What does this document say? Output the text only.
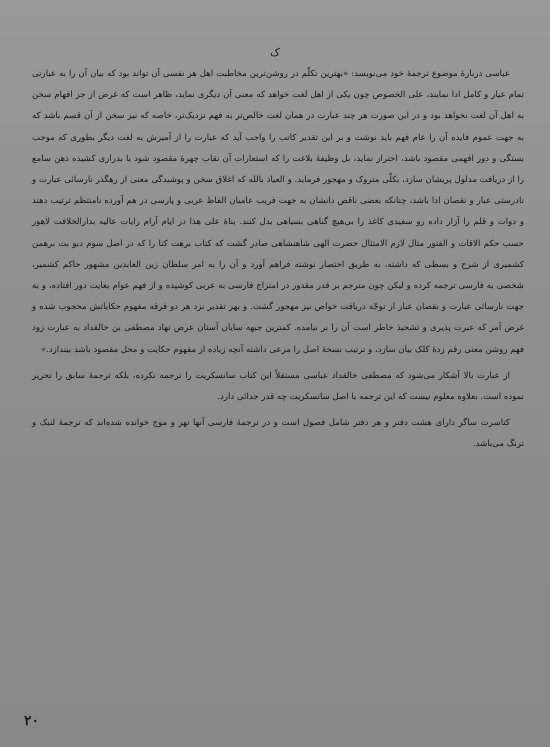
ک

عباسی دربارهٔ موضوع ترجمهٔ خود می‌نویسد: «بهترین تکلّم در روشن‌ترین مخاطبت اهل هر نفسی آن تواند بود که بیان آن را به عبارتی تمام عیار و کامل ادا نمایند، علی الخصوص چون یکی از اهل لغت خواهد که معنی آن دیگری نماید، ظاهر است که غرض از جز افهام سخن به اهل آن لغت نخواهد بود و در این صورت هر چند عبارت در همان لغت خالص‌تر به فهم نزدیک‌تر، خاصه که نیز سخن از آن قسم باشد که به جهت عموم فایده آن را عام فهم باید نوشت و بر این تقدیر کاتب را واجب آید که عبارت را از آمیزش به لغت دیگر بطوری که موجب بستگی و دور افهمی مقصود باشد، احتراز نماید، بل وظیفهٔ بلاغت را که استعارات آن نقاب چهرهٔ مقصود شود یا بدرازی کشیده ذهن سامع را از دریافت مدلول پریشان سازد، بکلّی متروک و مهجور فرماید. و العیاذ بالله که اغلاق سخن و پوشیدگی معنی از رهگذر نارسائی عبارت و نادرستی عبار و نقصان ادا باشد، چنانکه بعضی ناقص دانشان به جهت فریب عامیان الفاظ عربی و پارسی در هم آورده نامنتظم ترتیب دهند و دوات و قلم را آزار داده رو سفیدی کاغذ را بی‌هیچ گناهی بسیاهی بدل کنند. بناهٔ علی هذا در ایام آرام رایات عالیه بدارالخلافت لاهور حسب حکم الاقات و الفتور مثال لازم الامتثال حضرت الهی شاهنشاهی صادر گشت که کتاب برهت کتا را که در اصل سوم دیو بت برهمن کشمیری از شرح و بسطی که داشته، به طریق اختصار نوشته فراهم آورد و آن را به امر سلطان زین العابدین مشهور حاکم کشمیر، شخصی به فارسی ترجمه کرده و لیکن چون مترجم بر قدر مقدور در امتزاج فارسی به عربی کوشیده و از فهم عوام بغایت دور افتاده، و به جهت نارسائی عبارت و نقصان عبار از توجّه دریافت خواص نیز مهجور گشت. و بهر تقدیر نزد هر دو فرقه مفهوم حکایاتش محجوب شده و غرض آمر که عبرت پذیری و تشحیذ خاطر است آن را بر نیامده. کمترین جبهه سایان آستان عرض نهاد مصطفی بن خالقداد به عبارت زود فهم روشن معنی رقم زدهٔ کلک بیان سازد، و ترتیب نسخهٔ اصل را مرعی داشته آنچه زیاده از مفهوم حکایت و محل مقصود باشد بیندازد.»

از عبارت بالا آشکار می‌شود که مصطفی خالقداد عباسی مستقلاً این کتاب سانسکریت را ترجمه نکرده، بلکه ترجمهٔ سابق را تحریر نموده است. بعلاوه معلوم نیست که این ترجمه با اصل سانسکریت چه قدر جدائی دارد.

کتاسرت ساگر دارای هشت دفتر و هر دفتر شامل فصول است و در ترجمهٔ فارسی آنها نهر و موج خوانده شده‌اند که ترجمهٔ لنبک و ترنگ می‌باشد.

۲۰
